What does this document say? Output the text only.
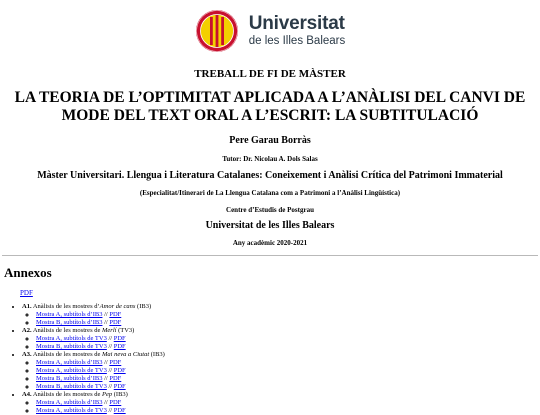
Universitat
de les Illes Balears
TREBALL DE FI DE MÀSTER
LA TEORIA DE L’OPTIMITAT APLICADA A L’ANÀLISI DEL CANVI DE MODE DEL TEXT ORAL A L’ESCRIT: LA SUBTITULACIÓ
Pere Garau Borràs
Tutor: Dr. Nicolau A. Dols Salas
Màster Universitari. Llengua i Literatura Catalanes: Coneixement i Anàlisi Crítica del Patrimoni Immaterial
(Especialitat/Itinerari de La Llengua Catalana com a Patrimoni a l’Anàlisi Lingüística)
Centre d’Estudis de Postgrau
Universitat de les Illes Balears
Any acadèmic 2020-2021
Annexos
PDF
• A1. Anàlisis de les mostres d’Amor de cans (IB3)
◦ Mostra A, subtítols d’IB3 // PDF
◦ Mostra B, subtítols d’IB3 // PDF
• A2. Anàlisis de les mostres de Merlí (TV3)
◦ Mostra A, subtítols de TV3 // PDF
◦ Mostra B, subtítols de TV3 // PDF
• A3. Anàlisis de les mostres de Mai neva a Ciutat (IB3)
◦ Mostra A, subtítols d’IB3 // PDF
◦ Mostra A, subtítols de TV3 // PDF
◦ Mostra B, subtítols d’IB3 // PDF
◦ Mostra B, subtítols de TV3 // PDF
• A4. Anàlisis de les mostres de Pep (IB3)
◦ Mostra A, subtítols d’IB3 // PDF
◦ Mostra A, subtítols de TV3 // PDF
